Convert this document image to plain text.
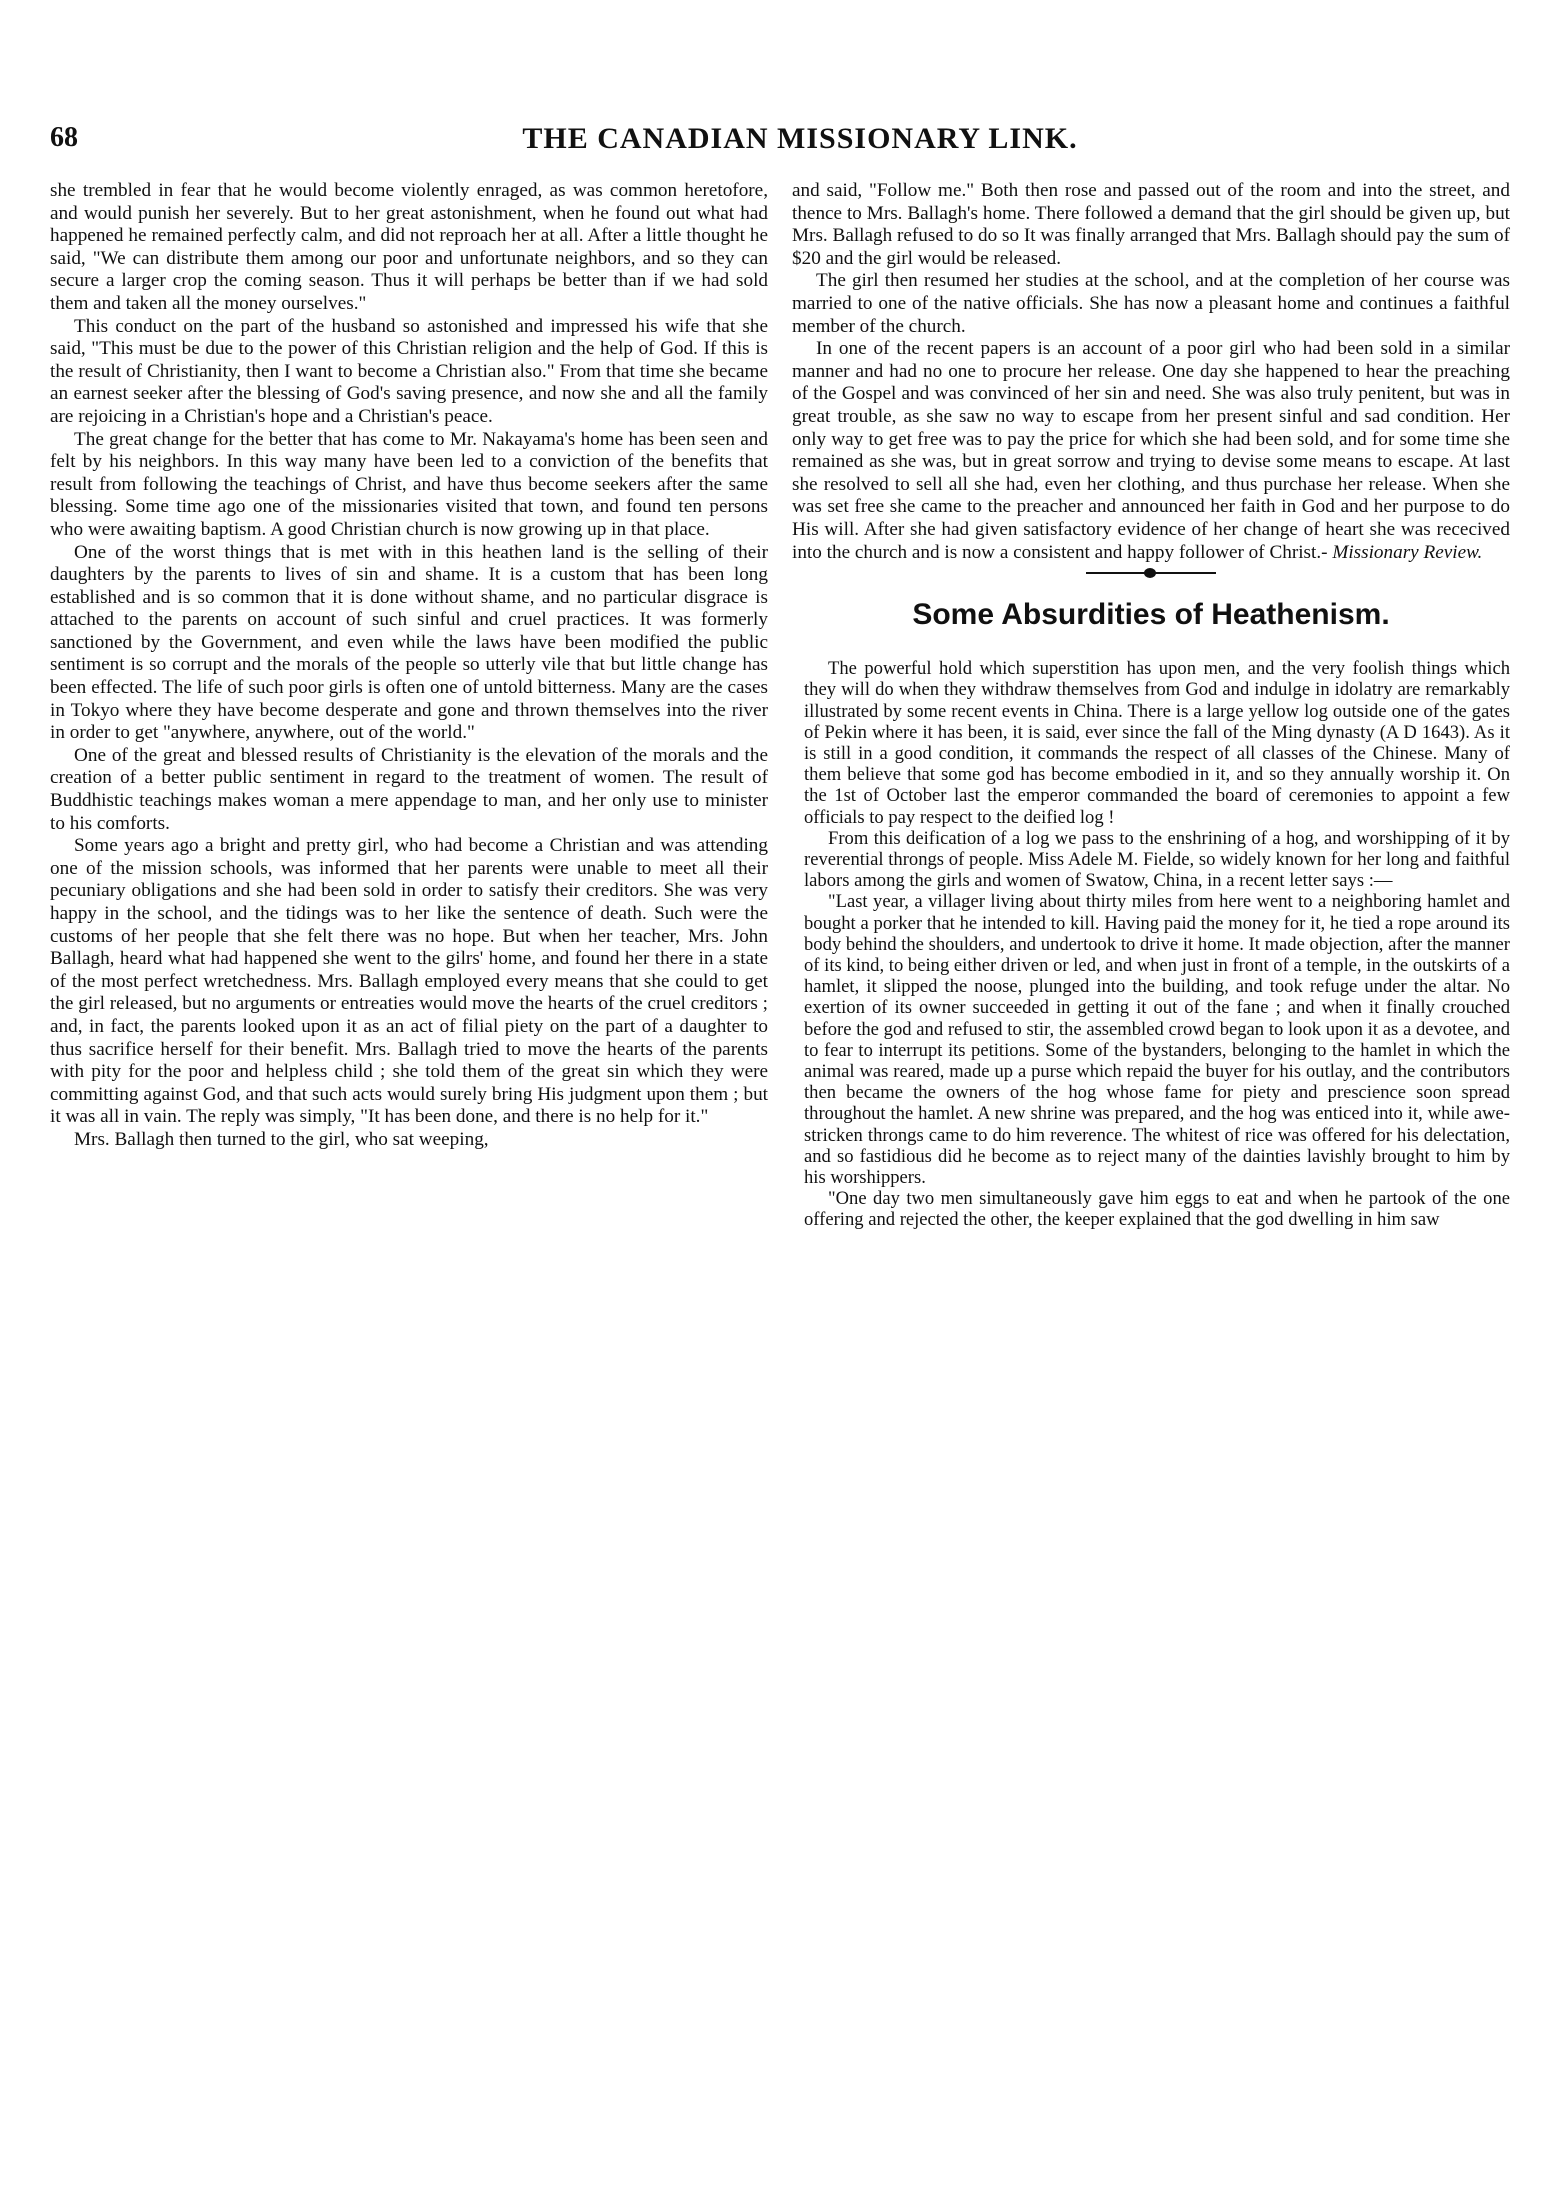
68	THE CANADIAN MISSIONARY LINK.

she trembled in fear that he would become violently enraged, as was common heretofore, and would punish her severely. But to her great astonishment, when he found out what had happened he remained perfectly calm, and did not reproach her at all. After a little thought he said, "We can distribute them among our poor and unfortunate neighbors, and so they can secure a larger crop the coming season. Thus it will perhaps be better than if we had sold them and taken all the money ourselves."

This conduct on the part of the husband so astonished and impressed his wife that she said, "This must be due to the power of this Christian religion and the help of God. If this is the result of Christianity, then I want to become a Christian also." From that time she became an earnest seeker after the blessing of God's saving presence, and now she and all the family are rejoicing in a Christian's hope and a Christian's peace.

The great change for the better that has come to Mr. Nakayama's home has been seen and felt by his neighbors. In this way many have been led to a conviction of the benefits that result from following the teachings of Christ, and have thus become seekers after the same blessing. Some time ago one of the missionaries visited that town, and found ten persons who were awaiting baptism. A good Christian church is now growing up in that place.

One of the worst things that is met with in this heathen land is the selling of their daughters by the parents to lives of sin and shame. It is a custom that has been long established and is so common that it is done without shame, and no particular disgrace is attached to the parents on account of such sinful and cruel practices. It was formerly sanctioned by the Government, and even while the laws have been modified the public sentiment is so corrupt and the morals of the people so utterly vile that but little change has been effected. The life of such poor girls is often one of untold bitterness. Many are the cases in Tokyo where they have become desperate and gone and thrown themselves into the river in order to get "anywhere, anywhere, out of the world."

One of the great and blessed results of Christianity is the elevation of the morals and the creation of a better public sentiment in regard to the treatment of women. The result of Buddhistic teachings makes woman a mere appendage to man, and her only use to minister to his comforts.

Some years ago a bright and pretty girl, who had become a Christian and was attending one of the mission schools, was informed that her parents were unable to meet all their pecuniary obligations and she had been sold in order to satisfy their creditors. She was very happy in the school, and the tidings was to her like the sentence of death. Such were the customs of her people that she felt there was no hope. But when her teacher, Mrs. John Ballagh, heard what had happened she went to the gilrs' home, and found her there in a state of the most perfect wretchedness. Mrs. Ballagh employed every means that she could to get the girl released, but no arguments or entreaties would move the hearts of the cruel creditors ; and, in fact, the parents looked upon it as an act of filial piety on the part of a daughter to thus sacrifice herself for their benefit. Mrs. Ballagh tried to move the hearts of the parents with pity for the poor and helpless child ; she told them of the great sin which they were committing against God, and that such acts would surely bring His judgment upon them ; but it was all in vain. The reply was simply, "It has been done, and there is no help for it."

Mrs. Ballagh then turned to the girl, who sat weeping,

and said, "Follow me." Both then rose and passed out of the room and into the street, and thence to Mrs. Ballagh's home. There followed a demand that the girl should be given up, but Mrs. Ballagh refused to do so It was finally arranged that Mrs. Ballagh should pay the sum of $20 and the girl would be released.

The girl then resumed her studies at the school, and at the completion of her course was married to one of the native officials. She has now a pleasant home and continues a faithful member of the church.

In one of the recent papers is an account of a poor girl who had been sold in a similar manner and had no one to procure her release. One day she happened to hear the preaching of the Gospel and was convinced of her sin and need. She was also truly penitent, but was in great trouble, as she saw no way to escape from her present sinful and sad condition. Her only way to get free was to pay the price for which she had been sold, and for some time she remained as she was, but in great sorrow and trying to devise some means to escape. At last she resolved to sell all she had, even her clothing, and thus purchase her release. When she was set free she came to the preacher and announced her faith in God and her purpose to do His will. After she had given satisfactory evidence of her change of heart she was rececived into the church and is now a consistent and happy follower of Christ.- Missionary Review.

Some Absurdities of Heathenism.

The powerful hold which superstition has upon men, and the very foolish things which they will do when they withdraw themselves from God and indulge in idolatry are remarkably illustrated by some recent events in China. There is a large yellow log outside one of the gates of Pekin where it has been, it is said, ever since the fall of the Ming dynasty (A D 1643). As it is still in a good condition, it commands the respect of all classes of the Chinese. Many of them believe that some god has become embodied in it, and so they annually worship it. On the 1st of October last the emperor commanded the board of ceremonies to appoint a few officials to pay respect to the deified log !

From this deification of a log we pass to the enshrining of a hog, and worshipping of it by reverential throngs of people. Miss Adele M. Fielde, so widely known for her long and faithful labors among the girls and women of Swatow, China, in a recent letter says :—

"Last year, a villager living about thirty miles from here went to a neighboring hamlet and bought a porker that he intended to kill. Having paid the money for it, he tied a rope around its body behind the shoulders, and undertook to drive it home. It made objection, after the manner of its kind, to being either driven or led, and when just in front of a temple, in the outskirts of a hamlet, it slipped the noose, plunged into the building, and took refuge under the altar. No exertion of its owner succeeded in getting it out of the fane ; and when it finally crouched before the god and refused to stir, the assembled crowd began to look upon it as a devotee, and to fear to interrupt its petitions. Some of the bystanders, belonging to the hamlet in which the animal was reared, made up a purse which repaid the buyer for his outlay, and the contributors then became the owners of the hog whose fame for piety and prescience soon spread throughout the hamlet. A new shrine was prepared, and the hog was enticed into it, while awe-stricken throngs came to do him reverence. The whitest of rice was offered for his delectation, and so fastidious did he become as to reject many of the dainties lavishly brought to him by his worshippers.

"One day two men simultaneously gave him eggs to eat and when he partook of the one offering and rejected the other, the keeper explained that the god dwelling in him saw
